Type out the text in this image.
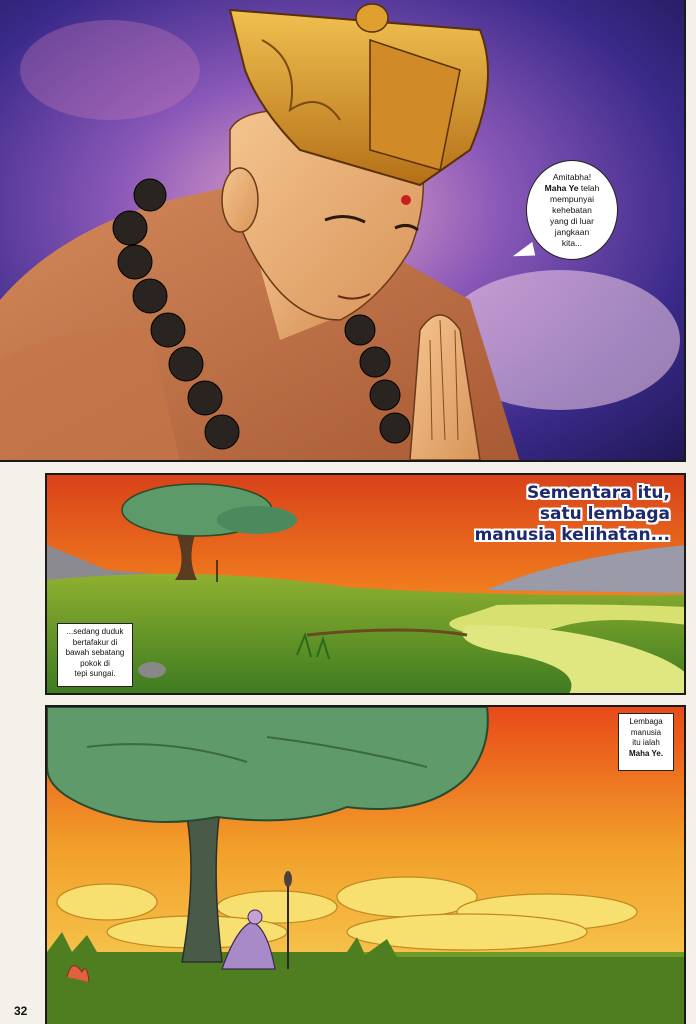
Amitabha!
Maha Ye telah
mempunyai
kehebatan
yang di luar
jangkaan
kita...
Sementara itu,
satu lembaga
manusia kelihatan...
...sedang duduk
bertafakur di
bawah sebatang
pokok di
tepi sungai.
Lembaga
manusia
itu ialah
Maha Ye.
32
